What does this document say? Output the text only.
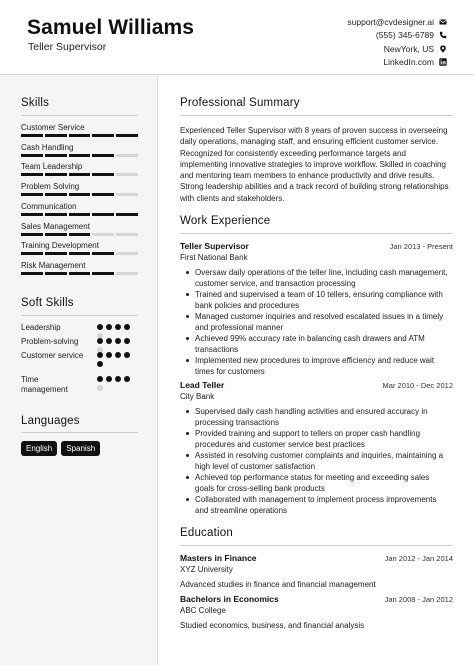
Samuel Williams
Teller Supervisor
support@cvdesigner.ai
(555) 345-6789
NewYork, US
LinkedIn.com
Skills
Customer Service
Cash Handling
Team Leadership
Problem Solving
Communication
Sales Management
Training Development
Risk Management
Soft Skills
Leadership
Problem-solving
Customer service
Time management
Languages
English	Spanish
Professional Summary
Experienced Teller Supervisor with 8 years of proven success in overseeing daily operations, managing staff, and ensuring efficient customer service. Recognized for consistently exceeding performance targets and implementing innovative strategies to improve workflow. Skilled in coaching and mentoring team members to enhance productivity and drive results. Strong leadership abilities and a track record of building strong relationships with clients and stakeholders.
Work Experience
Teller Supervisor	Jan 2013 - Present
First National Bank
Oversaw daily operations of the teller line, including cash management, customer service, and transaction processing
Trained and supervised a team of 10 tellers, ensuring compliance with bank policies and procedures
Managed customer inquiries and resolved escalated issues in a timely and professional manner
Achieved 99% accuracy rate in balancing cash drawers and ATM transactions
Implemented new procedures to improve efficiency and reduce wait times for customers
Lead Teller	Mar 2010 - Dec 2012
City Bank
Supervised daily cash handling activities and ensured accuracy in processing transactions
Provided training and support to tellers on proper cash handling procedures and customer service best practices
Assisted in resolving customer complaints and inquiries, maintaining a high level of customer satisfaction
Achieved top performance status for meeting and exceeding sales goals for cross-selling bank products
Collaborated with management to implement process improvements and streamline operations
Education
Masters in Finance	Jan 2012 - Jan 2014
XYZ University
Advanced studies in finance and financial management
Bachelors in Economics	Jan 2008 - Jan 2012
ABC College
Studied economics, business, and financial analysis
